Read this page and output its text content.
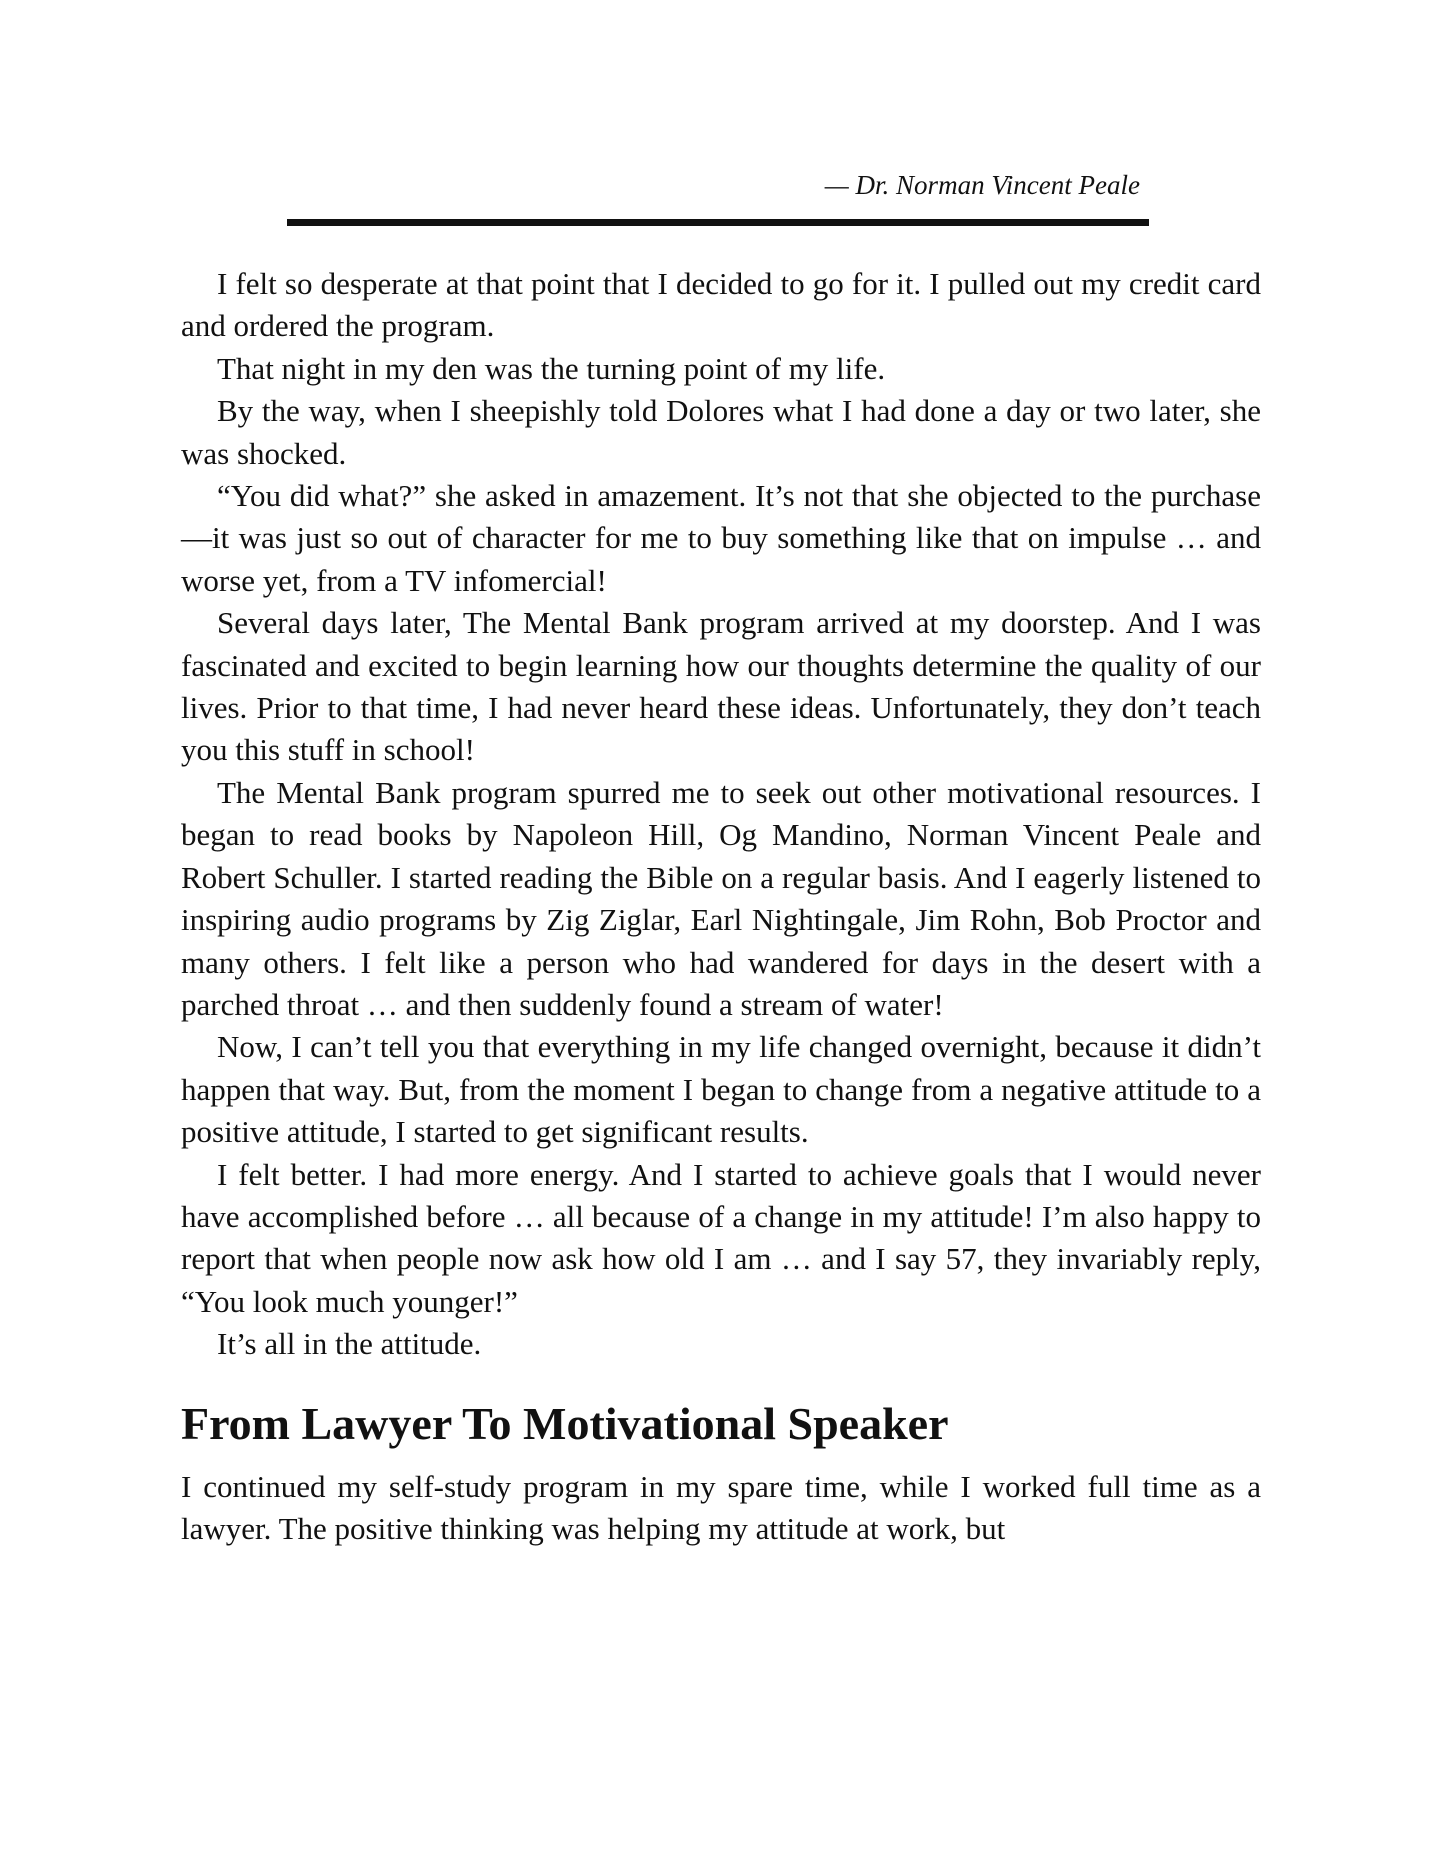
— Dr. Norman Vincent Peale

I felt so desperate at that point that I decided to go for it. I pulled out my credit card and ordered the program.

That night in my den was the turning point of my life.

By the way, when I sheepishly told Dolores what I had done a day or two later, she was shocked.

“You did what?” she asked in amazement. It’s not that she objected to the purchase—it was just so out of character for me to buy something like that on impulse … and worse yet, from a TV infomercial!

Several days later, The Mental Bank program arrived at my doorstep. And I was fascinated and excited to begin learning how our thoughts determine the quality of our lives. Prior to that time, I had never heard these ideas. Unfortunately, they don’t teach you this stuff in school!

The Mental Bank program spurred me to seek out other motivational resources. I began to read books by Napoleon Hill, Og Mandino, Norman Vincent Peale and Robert Schuller. I started reading the Bible on a regular basis. And I eagerly listened to inspiring audio programs by Zig Ziglar, Earl Nightingale, Jim Rohn, Bob Proctor and many others. I felt like a person who had wandered for days in the desert with a parched throat … and then suddenly found a stream of water!

Now, I can’t tell you that everything in my life changed overnight, because it didn’t happen that way. But, from the moment I began to change from a negative attitude to a positive attitude, I started to get significant results.

I felt better. I had more energy. And I started to achieve goals that I would never have accomplished before … all because of a change in my attitude! I’m also happy to report that when people now ask how old I am … and I say 57, they invariably reply, “You look much younger!”

It’s all in the attitude.

From Lawyer To Motivational Speaker

I continued my self-study program in my spare time, while I worked full time as a lawyer. The positive thinking was helping my attitude at work, but
